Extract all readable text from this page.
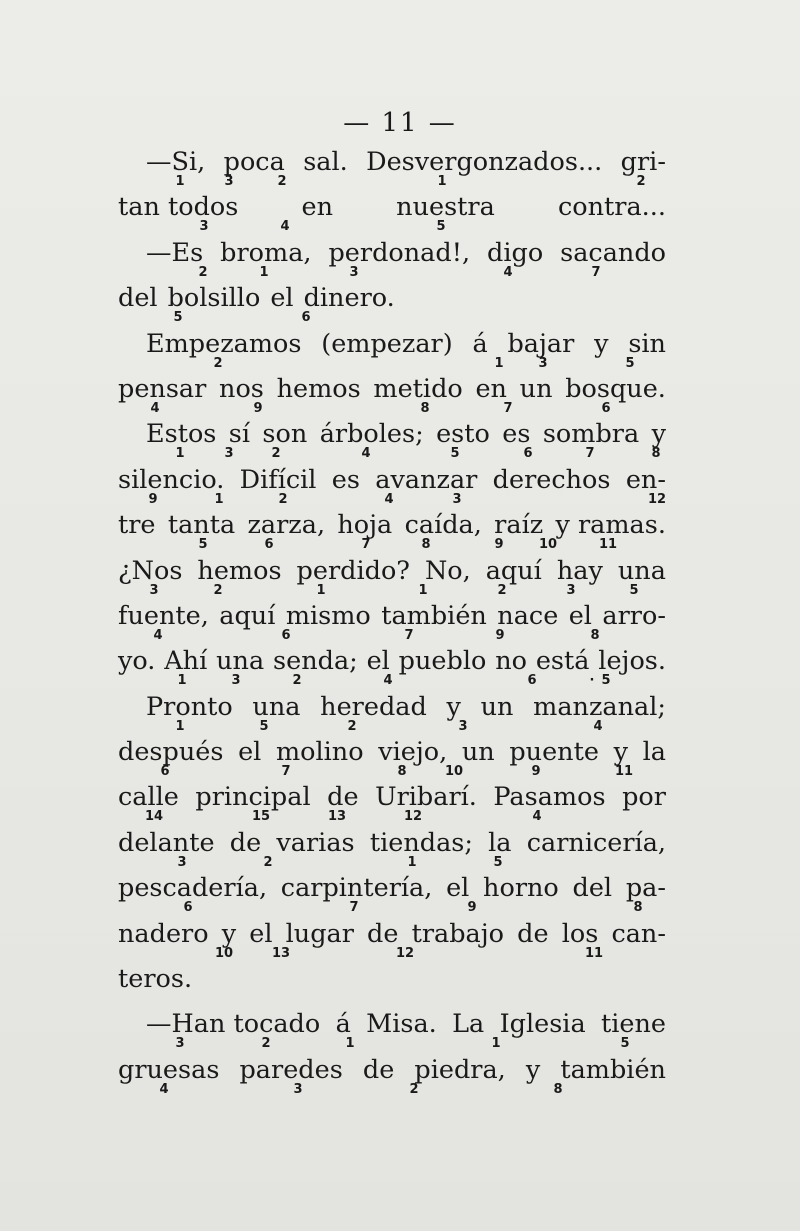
— 11 —
—Si, poca sal. Desvergonzados... gri-
1	3	2	1	2
tan todos en nuestra contra...
3	4	5
—Es broma, perdonad!, digo sacando
2	1	3	4	7
del bolsillo el dinero.
5	6
Empezamos (empezar) á bajar y sin
2	1	3	5
pensar nos hemos metido en un bosque.
4	9	8	7	6
Estos sí son árboles; esto es sombra y
1	3	2	4	5	6	7	8
silencio. Difícil es avanzar derechos en-
9	1	2	4	3	12
tre tanta zarza, hoja caída, raíz y ramas.
5	6	7	8	9	10	11
¿Nos hemos perdido? No, aquí hay una
3	2	1	1	2	3	5
fuente, aquí mismo también nace el arro-
4	6	7	9	8
yo. Ahí una senda; el pueblo no está lejos.
1	3	2	4	6	· 5
Pronto una heredad y un manzanal;
1	5	2	3	4
después el molino viejo, un puente y la
6	7	8	10	9	11
calle principal de Uribarí. Pasamos por
14	15	13	12	4
delante de varias tiendas; la carnicería,
3	2	1	5
pescadería, carpintería, el horno del pa-
6	7	9	8
nadero y el lugar de trabajo de los can-
10	13	12	11
teros.
—Han tocado á Misa. La Iglesia tiene
3	2	1	1	5
gruesas paredes de piedra, y también
4	3	2	8
